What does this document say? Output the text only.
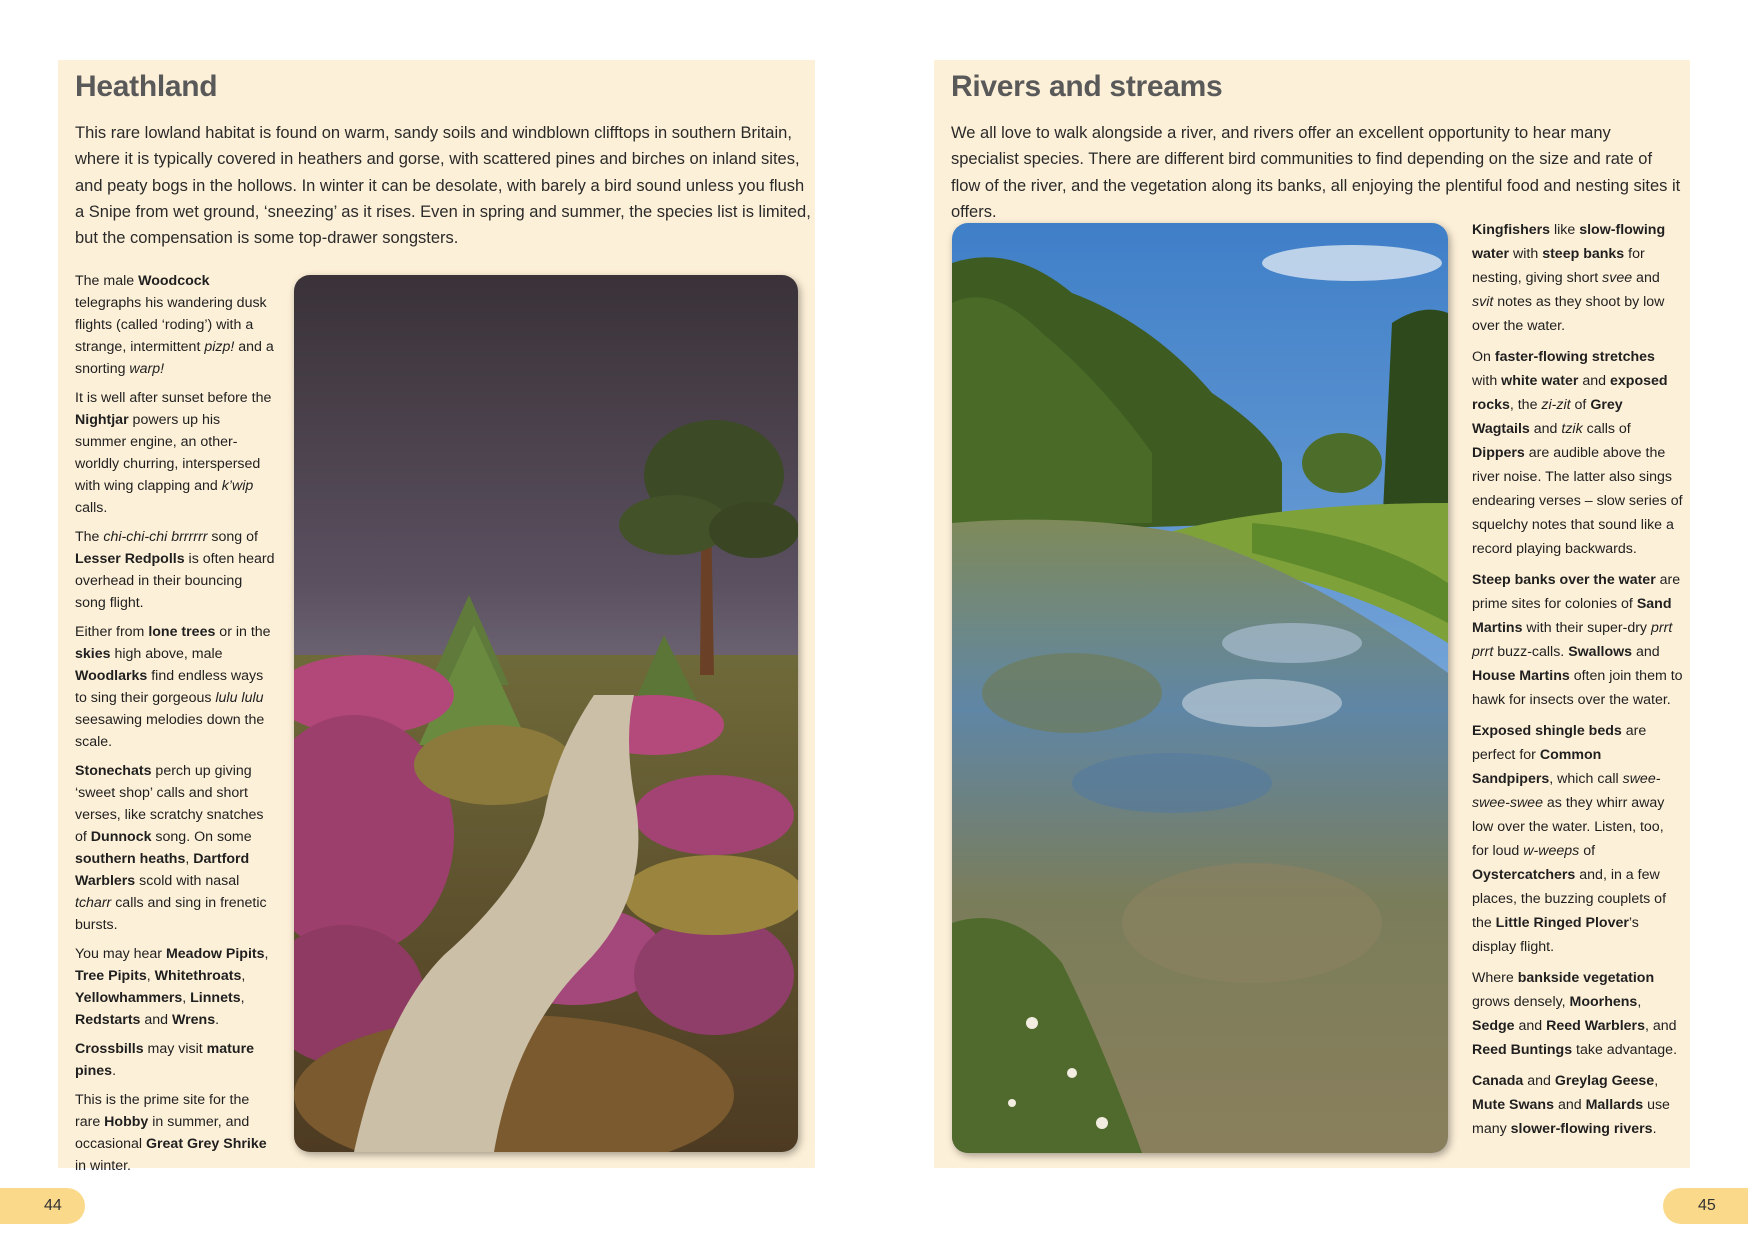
Heathland

This rare lowland habitat is found on warm, sandy soils and windblown clifftops in southern Britain, where it is typically covered in heathers and gorse, with scattered pines and birches on inland sites, and peaty bogs in the hollows. In winter it can be desolate, with barely a bird sound unless you flush a Snipe from wet ground, ‘sneezing’ as it rises. Even in spring and summer, the species list is limited, but the compensation is some top-drawer songsters.

The male Woodcock telegraphs his wandering dusk flights (called ‘roding’) with a strange, intermittent pizp! and a snorting warp!

It is well after sunset before the Nightjar powers up his summer engine, an other-worldly churring, interspersed with wing clapping and k’wip calls.

The chi-chi-chi brrrrrr song of Lesser Redpolls is often heard overhead in their bouncing song flight.

Either from lone trees or in the skies high above, male Woodlarks find endless ways to sing their gorgeous lulu lulu seesawing melodies down the scale.

Stonechats perch up giving ‘sweet shop’ calls and short verses, like scratchy snatches of Dunnock song. On some southern heaths, Dartford Warblers scold with nasal tcharr calls and sing in frenetic bursts.

You may hear Meadow Pipits, Tree Pipits, Whitethroats, Yellowhammers, Linnets, Redstarts and Wrens.

Crossbills may visit mature pines.

This is the prime site for the rare Hobby in summer, and occasional Great Grey Shrike in winter.

Rivers and streams

We all love to walk alongside a river, and rivers offer an excellent opportunity to hear many specialist species. There are different bird communities to find depending on the size and rate of flow of the river, and the vegetation along its banks, all enjoying the plentiful food and nesting sites it offers.

Kingfishers like slow-flowing water with steep banks for nesting, giving short svee and svit notes as they shoot by low over the water.

On faster-flowing stretches with white water and exposed rocks, the zi-zit of Grey Wagtails and tzik calls of Dippers are audible above the river noise. The latter also sings endearing verses – slow series of squelchy notes that sound like a record playing backwards.

Steep banks over the water are prime sites for colonies of Sand Martins with their super-dry prrt prrt buzz-calls. Swallows and House Martins often join them to hawk for insects over the water.

Exposed shingle beds are perfect for Common Sandpipers, which call swee-swee-swee as they whirr away low over the water. Listen, too, for loud w-weeps of Oystercatchers and, in a few places, the buzzing couplets of the Little Ringed Plover’s display flight.

Where bankside vegetation grows densely, Moorhens, Sedge and Reed Warblers, and Reed Buntings take advantage.

Canada and Greylag Geese, Mute Swans and Mallards use many slower-flowing rivers.

44	45
